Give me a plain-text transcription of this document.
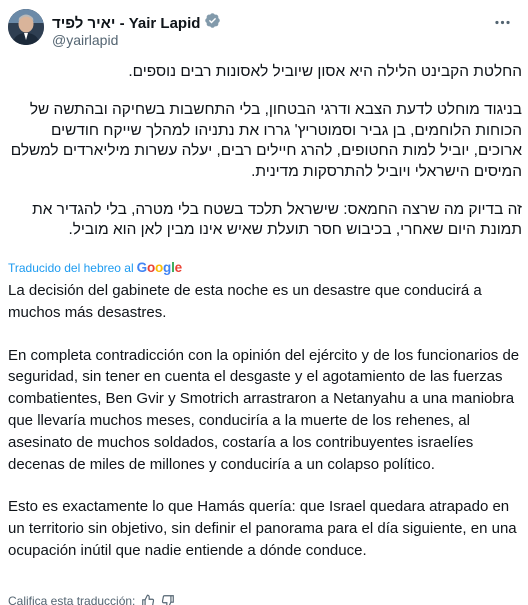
יאיר לפיד - Yair Lapid
@yairlapid

החלטת הקבינט הלילה היא אסון שיוביל לאסונות רבים נוספים.

בניגוד מוחלט לדעת הצבא ודרגי הבטחון, בלי התחשבות בשחיקה ובהתשה של הכוחות הלוחמים, בן גביר וסמוטריץ' גררו את נתניהו למהלך שייקח חודשים ארוכים, יוביל למות החטופים, להרג חיילים רבים, יעלה עשרות מיליארדים למשלם המיסים הישראלי ויוביל להתרסקות מדינית.

זה בדיוק מה שרצה החמאס: שישראל תלכד בשטח בלי מטרה, בלי להגדיר את תמונת היום שאחרי, בכיבוש חסר תועלת שאיש אינו מבין לאן הוא מוביל.

Traducido del hebreo al Google

La decisión del gabinete de esta noche es un desastre que conducirá a muchos más desastres.

En completa contradicción con la opinión del ejército y de los funcionarios de seguridad, sin tener en cuenta el desgaste y el agotamiento de las fuerzas combatientes, Ben Gvir y Smotrich arrastraron a Netanyahu a una maniobra que llevaría muchos meses, conduciría a la muerte de los rehenes, al asesinato de muchos soldados, costaría a los contribuyentes israelíes decenas de miles de millones y conduciría a un colapso político.

Esto es exactamente lo que Hamás quería: que Israel quedara atrapado en un territorio sin objetivo, sin definir el panorama para el día siguiente, en una ocupación inútil que nadie entiende a dónde conduce.

Califica esta traducción:
